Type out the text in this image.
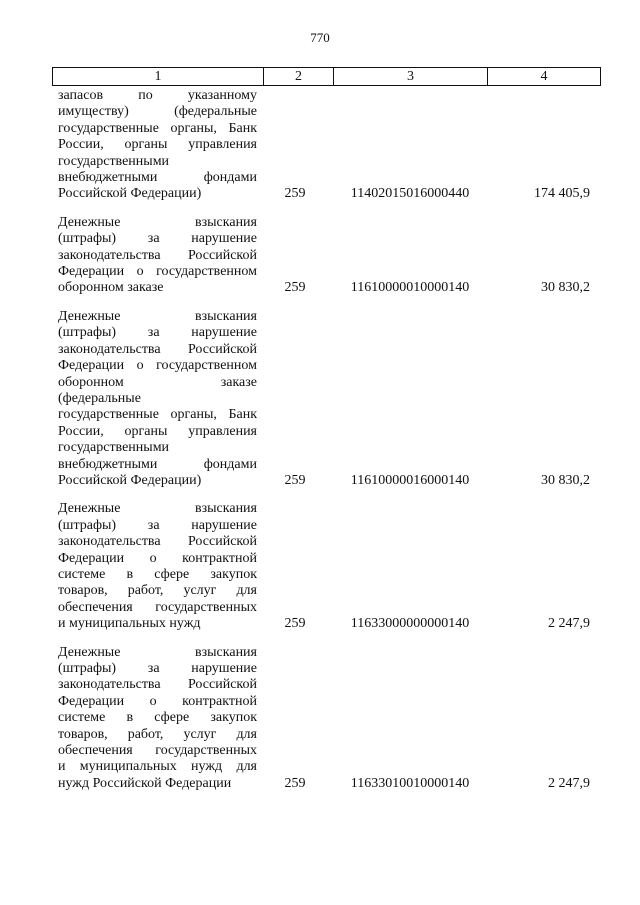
770
1	2	3	4
запасов по указанному
имуществу) (федеральные
государственные органы, Банк
России, органы управления
государственными
внебюджетными фондами
Российской Федерации)	259	11402015016000440	174 405,9
Денежные взыскания
(штрафы) за нарушение
законодательства Российской
Федерации о государственном
оборонном заказе	259	11610000010000140	30 830,2
Денежные взыскания
(штрафы) за нарушение
законодательства Российской
Федерации о государственном
оборонном заказе
(федеральные
государственные органы, Банк
России, органы управления
государственными
внебюджетными фондами
Российской Федерации)	259	11610000016000140	30 830,2
Денежные взыскания
(штрафы) за нарушение
законодательства Российской
Федерации о контрактной
системе в сфере закупок
товаров, работ, услуг для
обеспечения государственных
и муниципальных нужд	259	11633000000000140	2 247,9
Денежные взыскания
(штрафы) за нарушение
законодательства Российской
Федерации о контрактной
системе в сфере закупок
товаров, работ, услуг для
обеспечения государственных
и муниципальных нужд для
нужд Российской Федерации	259	11633010010000140	2 247,9
